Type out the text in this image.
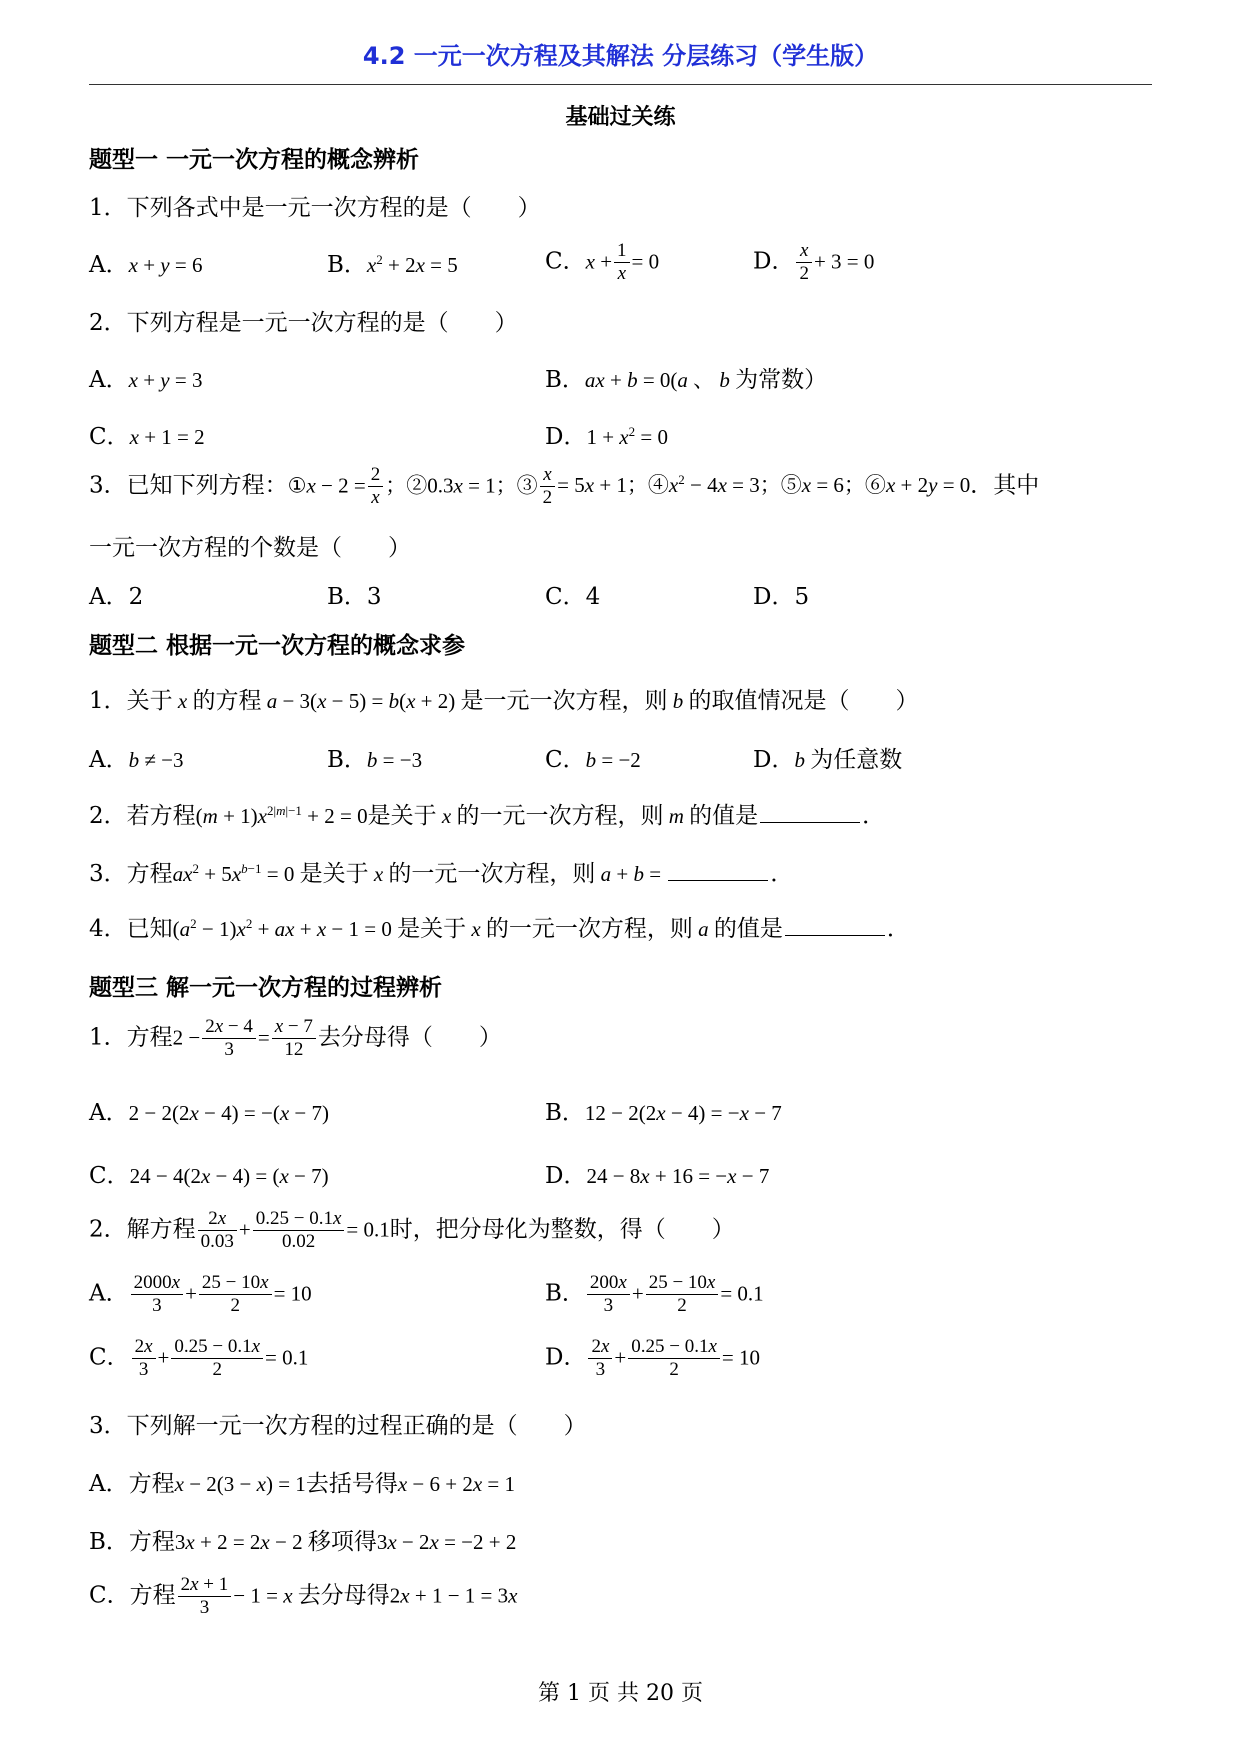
4.2 一元一次方程及其解法 分层练习（学生版）
基础过关练
题型一 一元一次方程的概念辨析
1．下列各式中是一元一次方程的是（　　）
A．x + y = 6	B．$x^2 + 2x = 5$	C．$x + \frac{1}{x} = 0$	D． $\frac{x}{2} + 3 = 0$
2．下列方程是一元一次方程的是（　　）
A．x + y = 3	B．ax + b = 0(a 、 b 为常数）
C．x + 1 = 2	D．$1 + x^2 = 0$
3．已知下列方程：①x − $2 = \frac{2}{x}$ ；②0.3x = 1；③ $\frac{x}{2} = 5x + 1$；$④x^2 - 4x = 3$；⑤x = 6；⑥x + 2y = 0．其中
一元一次方程的个数是（　　）
A．2	B．3	C．4	D．5
题型二 根据一元一次方程的概念求参
1．关于 x 的方程 a − 3(x − 5) = b(x + 2) 是一元一次方程，则 b 的取值情况是（　　）
A．b ≠ −3	B．b = −3	C．b = −2	D．b 为任意数
2．若方程$(m + 1)x^{2|m|-1} + 2 = 0$是关于 x 的一元一次方程，则 m 的值是	．
3．方程$ax^2 + 5x^{b-1} = 0$ 是关于 x 的一元一次方程，则 a + b =	．
4．已知$(a^2 - 1)x^2$ + ax + x − 1 = 0 是关于 x 的一元一次方程，则 a 的值是	．
题型三 解一元一次方程的过程辨析
1．方程$2 - \frac{2x - 4}{3} = \frac{x - 7}{12}$ 去分母得（　　）
A．2 − 2(2x − 4) = −(x − 7)	B．12 − 2(2x − 4) = −x − 7
C．24 − 4(2x − 4) = (x − 7)	D．24 − 8x + 16 = −x − 7
2．解方程 $\frac{2x}{0.03} + \frac{0.25 - 0.1x}{0.02} = 0.1$时，把分母化为整数，得（　　）
A． $\frac{2000x}{3} + \frac{25 - 10x}{2} = 10$	B． $\frac{200x}{3} + \frac{25 - 10x}{2} = 0.1$
C． $\frac{2x}{3} + \frac{0.25 - 0.1x}{2} = 0.1$	D． $\frac{2x}{3} + \frac{0.25 - 0.1x}{2} = 10$
3．下列解一元一次方程的过程正确的是（　　）
A．方程x − 2(3 − x) = 1去括号得x − 6 + 2x = 1
B．方程3x + 2 = 2x − 2 移项得3x − 2x = −2 + 2
C．方程 $\frac{2x + 1}{3} - 1 = x$ 去分母得2x + 1 − 1 = 3x
第 1 页 共 20 页
